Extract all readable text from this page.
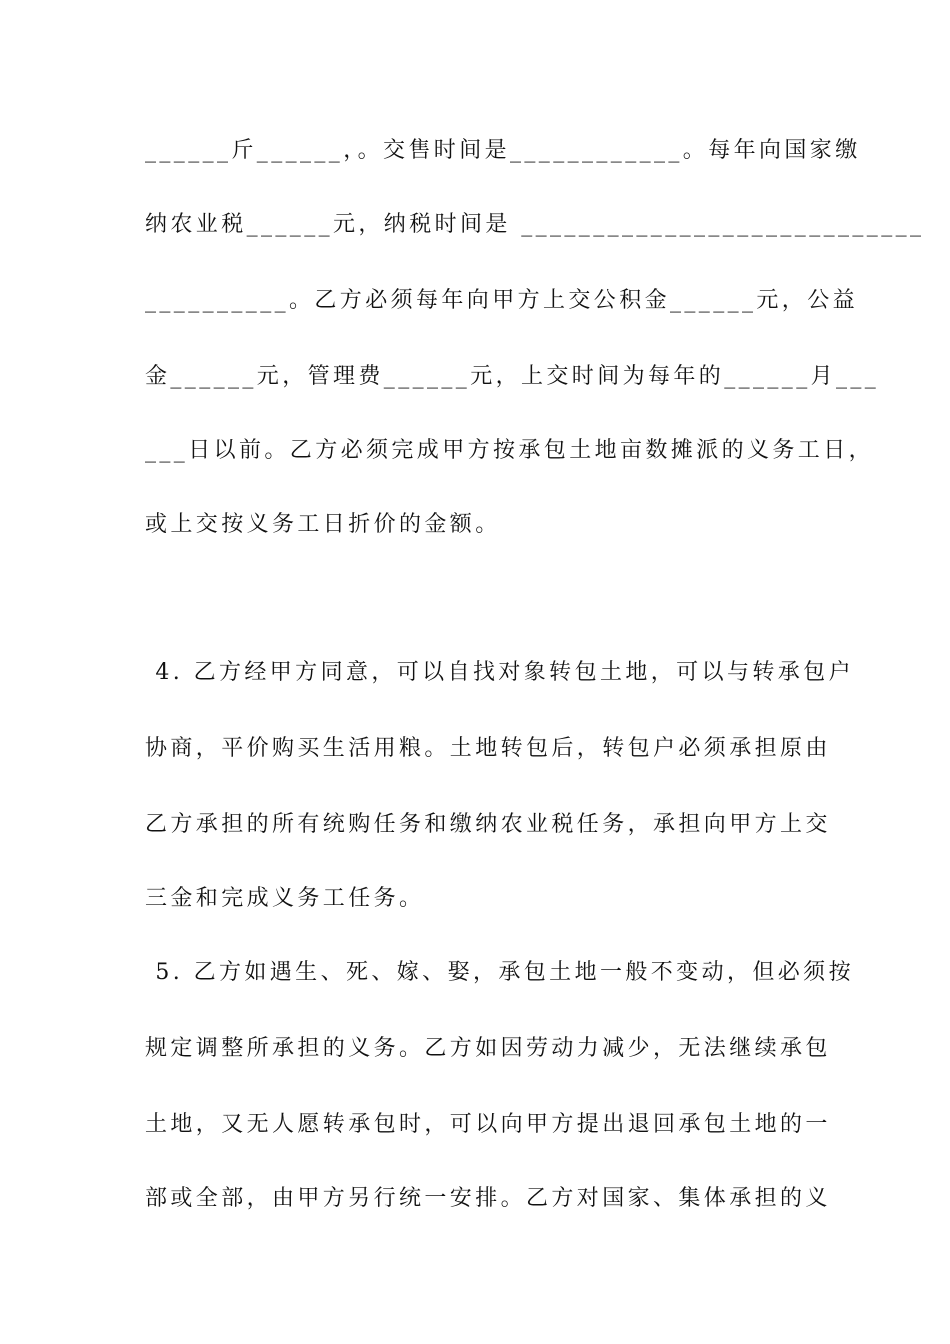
______斤______，。交售时间是____________。每年向国家缴

纳农业税______元，纳税时间是 ____________________________

__________。乙方必须每年向甲方上交公积金______元，公益

金______元，管理费______元，上交时间为每年的______月___

___日以前。乙方必须完成甲方按承包土地亩数摊派的义务工日，

或上交按义务工日折价的金额。

4. 乙方经甲方同意，可以自找对象转包土地，可以与转承包户

协商，平价购买生活用粮。土地转包后，转包户必须承担原由

乙方承担的所有统购任务和缴纳农业税任务，承担向甲方上交

三金和完成义务工任务。

5. 乙方如遇生、死、嫁、娶，承包土地一般不变动，但必须按

规定调整所承担的义务。乙方如因劳动力减少，无法继续承包

土地，又无人愿转承包时，可以向甲方提出退回承包土地的一

部或全部，由甲方另行统一安排。乙方对国家、集体承担的义
